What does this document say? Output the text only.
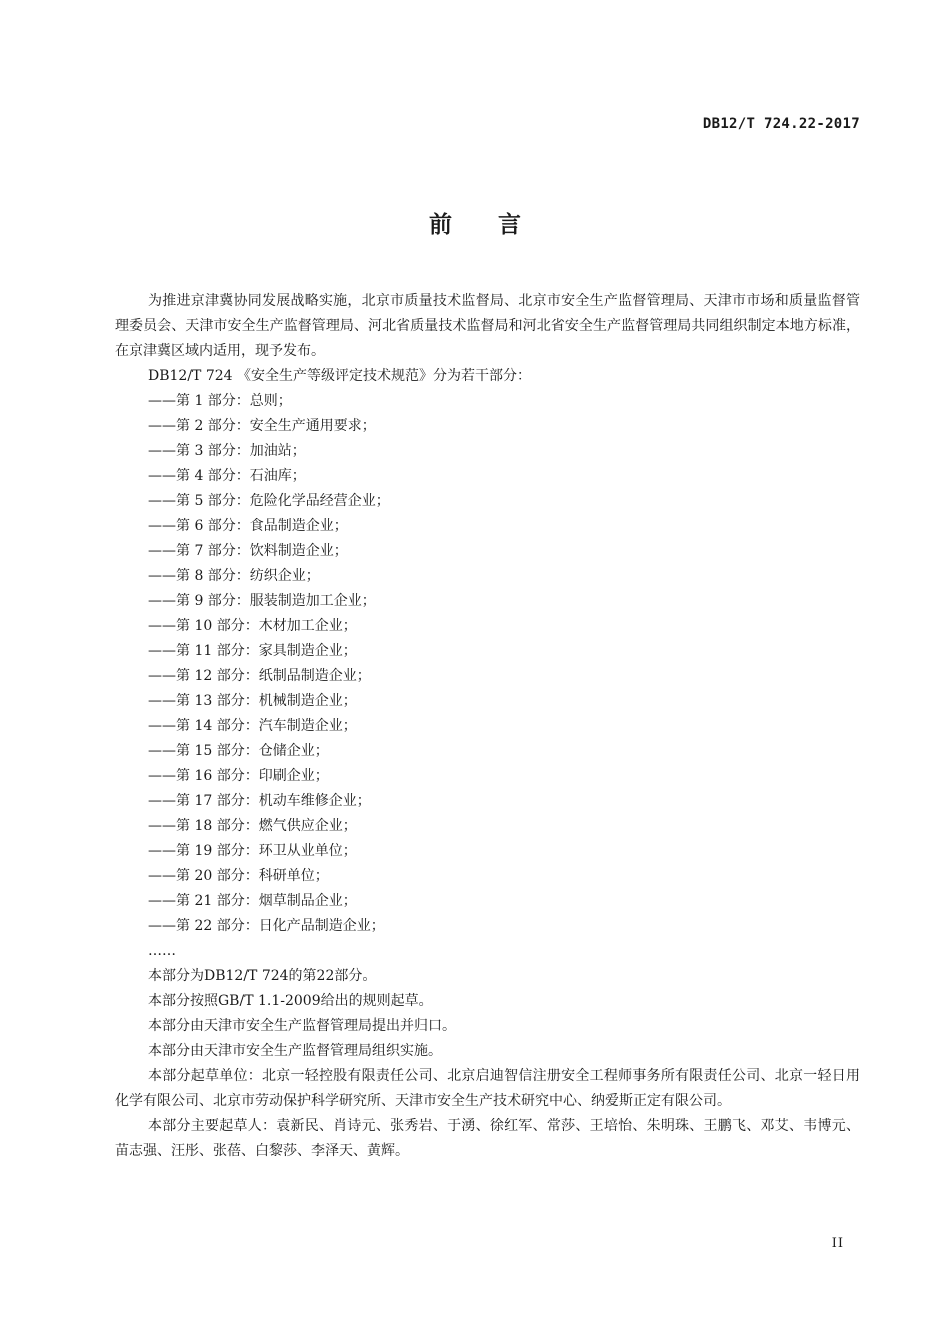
DB12/T 724.22-2017
前言

为推进京津冀协同发展战略实施，北京市质量技术监督局、北京市安全生产监督管理局、天津市市场和质量监督管理委员会、天津市安全生产监督管理局、河北省质量技术监督局和河北省安全生产监督管理局共同组织制定本地方标准，在京津冀区域内适用，现予发布。

DB12/T 724 《安全生产等级评定技术规范》分为若干部分：

——第 1 部分：总则；

——第 2 部分：安全生产通用要求；

——第 3 部分：加油站；

——第 4 部分：石油库；

——第 5 部分：危险化学品经营企业；

——第 6 部分：食品制造企业；

——第 7 部分：饮料制造企业；

——第 8 部分：纺织企业；

——第 9 部分：服装制造加工企业；

——第 10 部分：木材加工企业；

——第 11 部分：家具制造企业；

——第 12 部分：纸制品制造企业；

——第 13 部分：机械制造企业；

——第 14 部分：汽车制造企业；

——第 15 部分：仓储企业；

——第 16 部分：印刷企业；

——第 17 部分：机动车维修企业；

——第 18 部分：燃气供应企业；

——第 19 部分：环卫从业单位；

——第 20 部分：科研单位；

——第 21 部分：烟草制品企业；

——第 22 部分：日化产品制造企业；

……

本部分为DB12/T 724的第22部分。

本部分按照GB/T 1.1-2009给出的规则起草。

本部分由天津市安全生产监督管理局提出并归口。

本部分由天津市安全生产监督管理局组织实施。

本部分起草单位：北京一轻控股有限责任公司、北京启迪智信注册安全工程师事务所有限责任公司、北京一轻日用化学有限公司、北京市劳动保护科学研究所、天津市安全生产技术研究中心、纳爱斯正定有限公司。

本部分主要起草人：袁新民、肖诗元、张秀岩、于湧、徐红军、常莎、王培怡、朱明珠、王鹏飞、邓艾、韦博元、苗志强、汪彤、张蓓、白黎莎、李泽天、黄辉。

II
